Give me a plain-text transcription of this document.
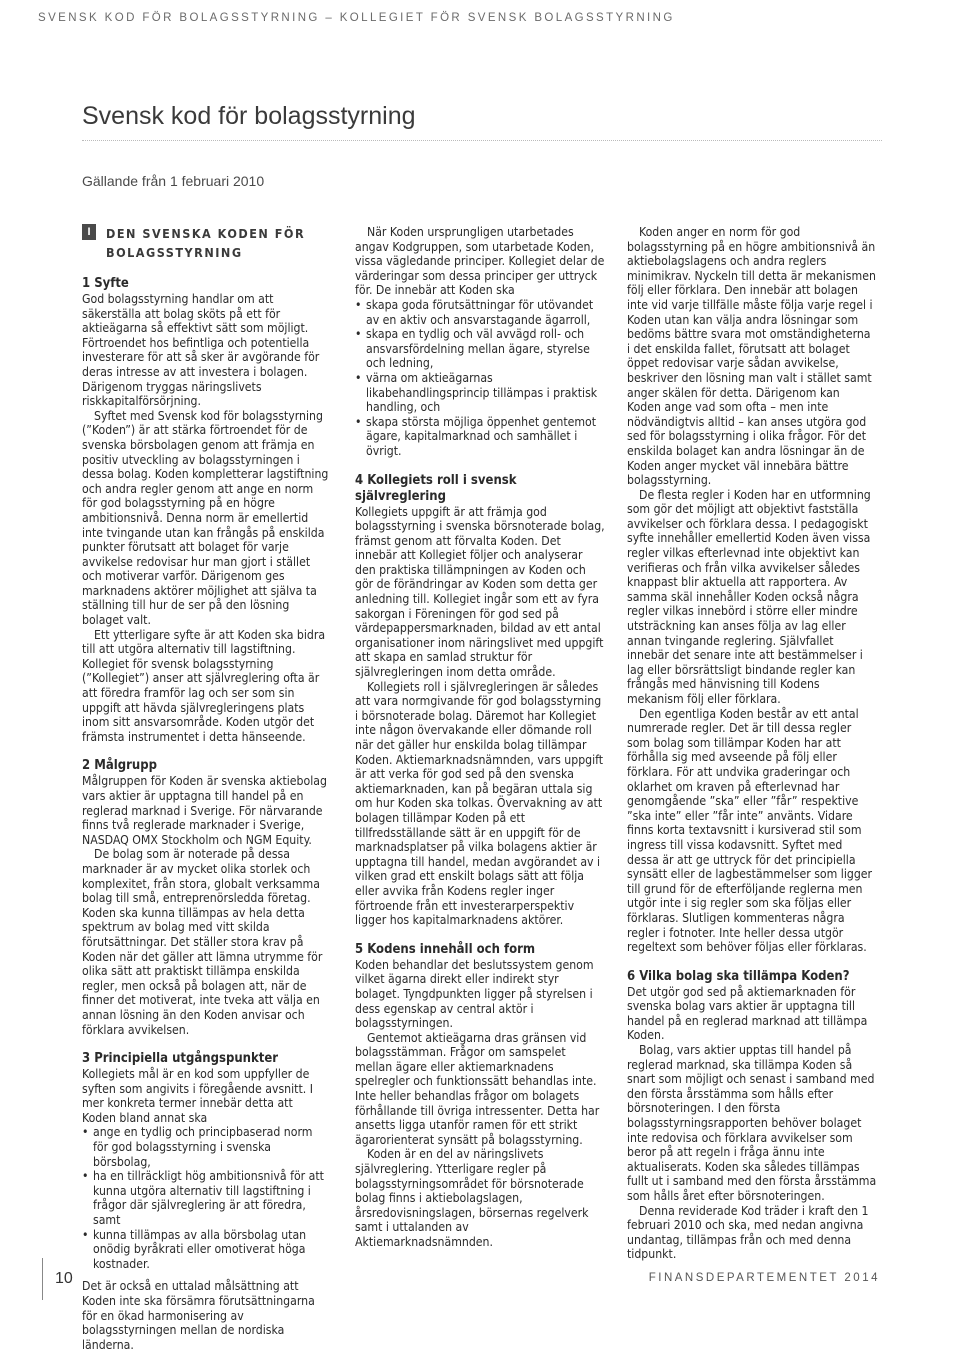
SVENSK KOD FÖR BOLAGSSTYRNING – KOLLEGIET FÖR SVENSK BOLAGSSTYRNING
Svensk kod för bolagsstyrning
Gällande från 1 februari 2010
I	DEN SVENSKA KODEN FÖR BOLAGSSTYRNING
1 Syfte

God bolagsstyrning handlar om att säkerställa att bolag sköts på ett för aktieägarna så effektivt sätt som möjligt. Förtroendet hos befintliga och potentiella investerare för att så sker är avgörande för deras intresse av att investera i bolagen. Därigenom tryggas näringslivets riskkapitalförsörjning.

Syftet med Svensk kod för bolagsstyrning (”Koden”) är att stärka förtroendet för de svenska börsbolagen genom att främja en positiv utveckling av bolagsstyrningen i dessa bolag. Koden kompletterar lagstiftning och andra regler genom att ange en norm för god bolagsstyrning på en högre ambitionsnivå. Denna norm är emellertid inte tvingande utan kan frångås på enskilda punkter förutsatt att bolaget för varje avvikelse redovisar hur man gjort i stället och motiverar varför. Därigenom ges marknadens aktörer möjlighet att själva ta ställning till hur de ser på den lösning bolaget valt.

Ett ytterligare syfte är att Koden ska bidra till att utgöra alternativ till lagstiftning. Kollegiet för svensk bolagsstyrning (”Kollegiet”) anser att självreglering ofta är att föredra framför lag och ser som sin uppgift att hävda självregleringens plats inom sitt ansvarsområde. Koden utgör det främsta instrumentet i detta hänseende.

2 Målgrupp

Målgruppen för Koden är svenska aktiebolag vars aktier är upptagna till handel på en reglerad marknad i Sverige. För närvarande finns två reglerade marknader i Sverige, NASDAQ OMX Stockholm och NGM Equity.

De bolag som är noterade på dessa marknader är av mycket olika storlek och komplexitet, från stora, globalt verksamma bolag till små, entreprenörsledda företag. Koden ska kunna tillämpas av hela detta spektrum av bolag med vitt skilda förutsättningar. Det ställer stora krav på Koden när det gäller att lämna utrymme för olika sätt att praktiskt tillämpa enskilda regler, men också på bolagen att, när de finner det motiverat, inte tveka att välja en annan lösning än den Koden anvisar och förklara avvikelsen.

3 Principiella utgångspunkter

Kollegiets mål är en kod som uppfyller de syften som angivits i föregående avsnitt. I mer konkreta termer innebär detta att Koden bland annat ska

• ange en tydlig och principbaserad norm för god bolagsstyrning i svenska börsbolag,
• ha en tillräckligt hög ambitionsnivå för att kunna utgöra alternativ till lagstiftning i frågor där självreglering är att föredra, samt
• kunna tillämpas av alla börsbolag utan onödig byråkrati eller omotiverat höga kostnader.

Det är också en uttalad målsättning att Koden inte ska försämra förutsättningarna för en ökad harmonisering av bolagsstyrningen mellan de nordiska länderna.

När Koden ursprungligen utarbetades angav Kodgruppen, som utarbetade Koden, vissa vägledande principer. Kollegiet delar de värderingar som dessa principer ger uttryck för. De innebär att Koden ska

• skapa goda förutsättningar för utövandet av en aktiv och ansvarstagande ägarroll,
• skapa en tydlig och väl avvägd roll- och ansvarsfördelning mellan ägare, styrelse och ledning,
• värna om aktieägarnas likabehandlingsprincip tillämpas i praktisk handling, och
• skapa största möjliga öppenhet gentemot ägare, kapitalmarknad och samhället i övrigt.
4 Kollegiets roll i svensk självreglering

Kollegiets uppgift är att främja god bolagsstyrning i svenska börsnoterade bolag, främst genom att förvalta Koden. Det innebär att Kollegiet följer och analyserar den praktiska tillämpningen av Koden och gör de förändringar av Koden som detta ger anledning till. Kollegiet ingår som ett av fyra sakorgan i Föreningen för god sed på värdepappersmarknaden, bildad av ett antal organisationer inom näringslivet med uppgift att skapa en samlad struktur för självregleringen inom detta område.

Kollegiets roll i självregleringen är således att vara normgivande för god bolagsstyrning i börsnoterade bolag. Däremot har Kollegiet inte någon övervakande eller dömande roll när det gäller hur enskilda bolag tillämpar Koden. Aktiemarknadsnämnden, vars uppgift är att verka för god sed på den svenska aktiemarknaden, kan på begäran uttala sig om hur Koden ska tolkas. Övervakning av att bolagen tillämpar Koden på ett tillfredsställande sätt är en uppgift för de marknadsplatser på vilka bolagens aktier är upptagna till handel, medan avgörandet av i vilken grad ett enskilt bolags sätt att följa eller avvika från Kodens regler inger förtroende från ett investerarperspektiv ligger hos kapitalmarknadens aktörer.

5 Kodens innehåll och form

Koden behandlar det beslutssystem genom vilket ägarna direkt eller indirekt styr bolaget. Tyngdpunkten ligger på styrelsen i dess egenskap av central aktör i bolagsstyrningen.

Gentemot aktieägarna dras gränsen vid bolagsstämman. Frågor om samspelet mellan ägare eller aktiemarknadens spelregler och funktionssätt behandlas inte. Inte heller behandlas frågor om bolagets förhållande till övriga intressenter. Detta har ansetts ligga utanför ramen för ett strikt ägarorienterat synsätt på bolagsstyrning.

Koden är en del av näringslivets självreglering. Ytterligare regler på bolagsstyrningsområdet för börsnoterade bolag finns i aktiebolagslagen, årsredovisningslagen, börsernas regelverk samt i uttalanden av Aktiemarknadsnämnden.

Koden anger en norm för god bolagsstyrning på en högre ambitionsnivå än aktiebolagslagens och andra reglers minimikrav. Nyckeln till detta är mekanismen följ eller förklara. Den innebär att bolagen inte vid varje tillfälle måste följa varje regel i Koden utan kan välja andra lösningar som bedöms bättre svara mot omständigheterna i det enskilda fallet, förutsatt att bolaget öppet redovisar varje sådan avvikelse, beskriver den lösning man valt i stället samt anger skälen för detta. Därigenom kan Koden ange vad som ofta – men inte nödvändigtvis alltid – kan anses utgöra god sed för bolagsstyrning i olika frågor. För det enskilda bolaget kan andra lösningar än de Koden anger mycket väl innebära bättre bolagsstyrning.

De flesta regler i Koden har en utformning som gör det möjligt att objektivt fastställa avvikelser och förklara dessa. I pedagogiskt syfte innehåller emellertid Koden även vissa regler vilkas efterlevnad inte objektivt kan verifieras och från vilka avvikelser således knappast blir aktuella att rapportera. Av samma skäl innehåller Koden också några regler vilkas innebörd i större eller mindre utsträckning kan anses följa av lag eller annan tvingande reglering. Självfallet innebär det senare inte att bestämmelser i lag eller börsrättsligt bindande regler kan frångås med hänvisning till Kodens mekanism följ eller förklara.

Den egentliga Koden består av ett antal numrerade regler. Det är till dessa regler som bolag som tillämpar Koden har att förhålla sig med avseende på följ eller förklara. För att undvika graderingar och oklarhet om kraven på efterlevnad har genomgående ”ska” eller ”får” respektive ”ska inte” eller ”får inte” använts. Vidare finns korta textavsnitt i kursiverad stil som ingress till vissa kodavsnitt. Syftet med dessa är att ge uttryck för det principiella synsätt eller de lagbestämmelser som ligger till grund för de efterföljande reglerna men utgör inte i sig regler som ska följas eller förklaras. Slutligen kommenteras några regler i fotnoter. Inte heller dessa utgör regeltext som behöver följas eller förklaras.

6 Vilka bolag ska tillämpa Koden?

Det utgör god sed på aktiemarknaden för svenska bolag vars aktier är upptagna till handel på en reglerad marknad att tillämpa Koden.

Bolag, vars aktier upptas till handel på reglerad marknad, ska tillämpa Koden så snart som möjligt och senast i samband med den första årsstämma som hålls efter börsnoteringen. I den första bolagsstyrningsrapporten behöver bolaget inte redovisa och förklara avvikelser som beror på att regeln i fråga ännu inte aktualiserats. Koden ska således tillämpas fullt ut i samband med den första årsstämma som hålls året efter börsnoteringen.

Denna reviderade Kod träder i kraft den 1 februari 2010 och ska, med nedan angivna undantag, tillämpas från och med denna tidpunkt.

10	FINANSDEPARTEMENTET 2014
